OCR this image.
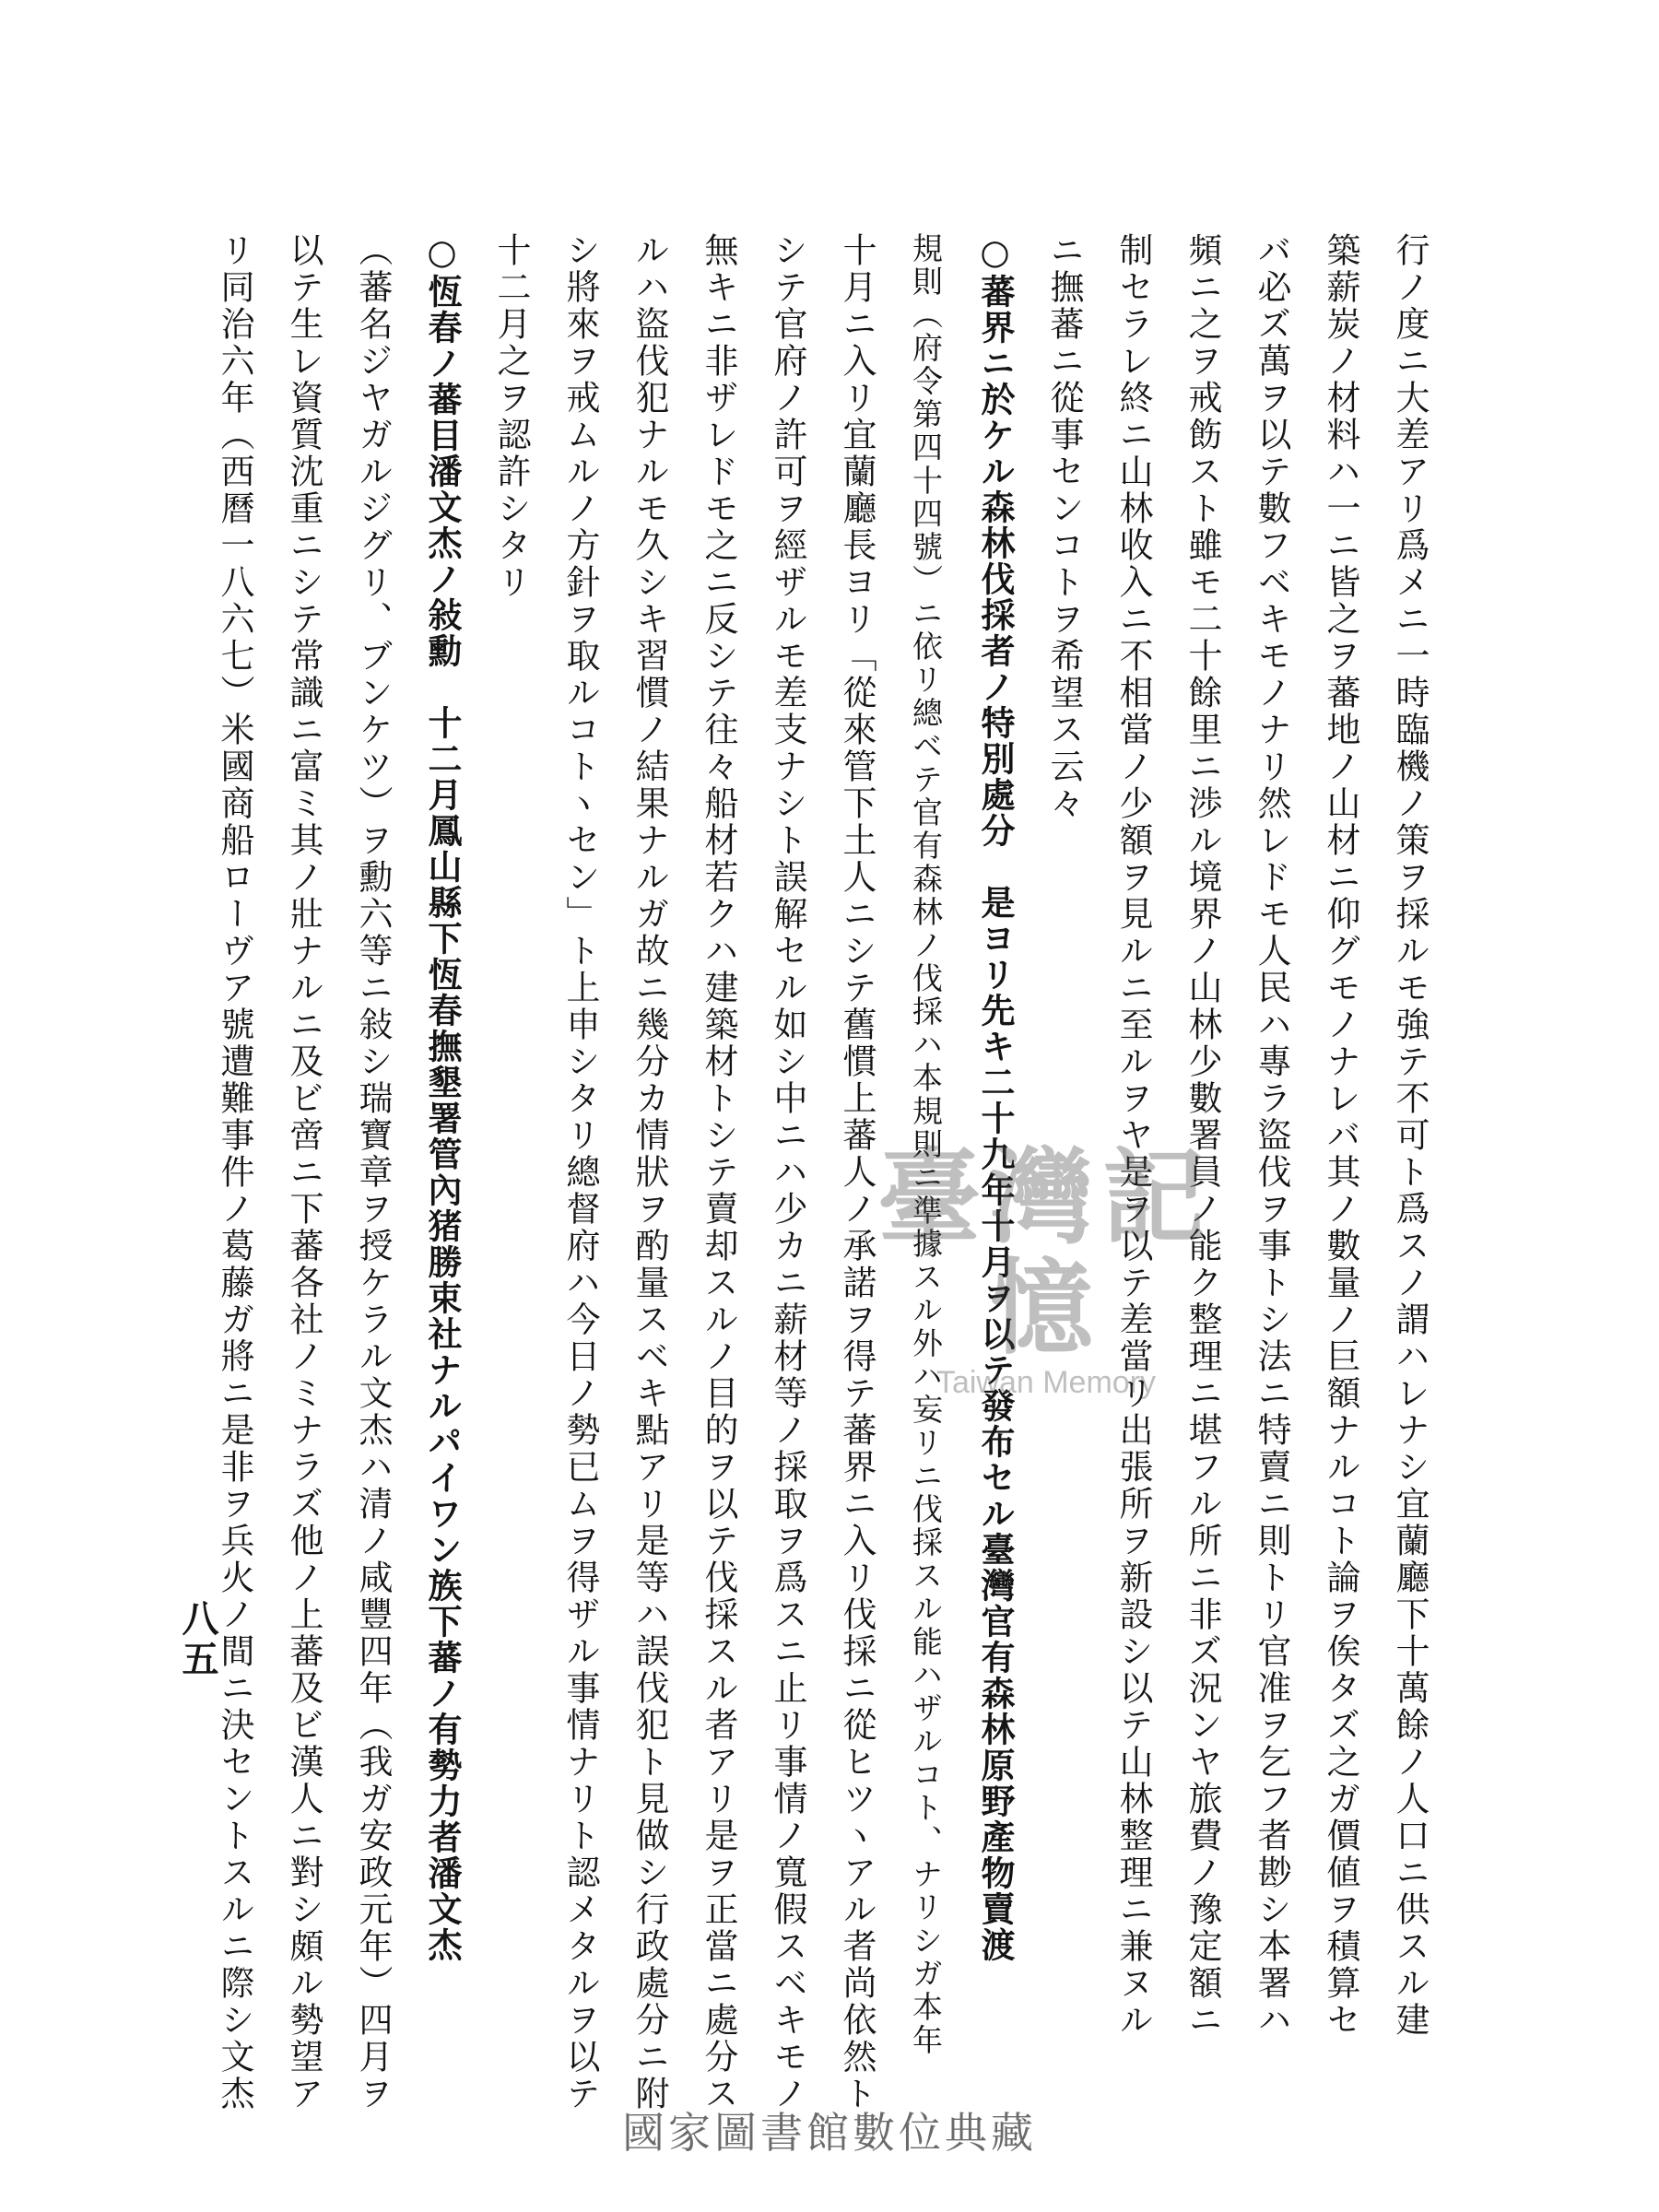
行ノ度ニ大差アリ爲メニ一時臨機ノ策ヲ採ルモ強テ不可ト爲スノ謂ハレナシ宜蘭廳下十萬餘ノ人口ニ供スル建
築薪炭ノ材料ハ一ニ皆之ヲ蕃地ノ山材ニ仰グモノナレバ其ノ數量ノ巨額ナルコト論ヲ俟タズ之ガ價値ヲ積算セ
バ必ズ萬ヲ以テ數フベキモノナリ然レドモ人民ハ專ラ盜伐ヲ事トシ法ニ特賣ニ則トリ官准ヲ乞フ者尠シ本署ハ
頻ニ之ヲ戒飭スト雖モ二十餘里ニ渉ル境界ノ山林少數署員ノ能ク整理ニ堪フル所ニ非ズ況ンヤ旅費ノ豫定額ニ
制セラレ終ニ山林收入ニ不相當ノ少額ヲ見ルニ至ルヲヤ是ヲ以テ差當リ出張所ヲ新設シ以テ山林整理ニ兼ヌル
ニ撫蕃ニ從事センコトヲ希望ス云々
○蕃界ニ於ケル森林伐採者ノ特別處分　是ヨリ先キ二十九年十月ヲ以テ發布セル臺灣官有森林原野產物賣渡
規則（府令第四十四號）ニ依リ總ベテ官有森林ノ伐採ハ本規則ニ準據スル外ハ妄リニ伐採スル能ハザルコト、ナリシガ本年
十月ニ入リ宜蘭廳長ヨリ「從來管下土人ニシテ舊慣上蕃人ノ承諾ヲ得テ蕃界ニ入リ伐採ニ從ヒツヽアル者尚依然ト
シテ官府ノ許可ヲ經ザルモ差支ナシト誤解セル如シ中ニハ少カニ薪材等ノ採取ヲ爲スニ止リ事情ノ寬假スベキモノ
無キニ非ザレドモ之ニ反シテ往々船材若クハ建築材トシテ賣却スルノ目的ヲ以テ伐採スル者アリ是ヲ正當ニ處分ス
ルハ盜伐犯ナルモ久シキ習慣ノ結果ナルガ故ニ幾分カ情狀ヲ酌量スベキ點アリ是等ハ誤伐犯ト見做シ行政處分ニ附
シ將來ヲ戒ムルノ方針ヲ取ルコトヽセン」ト上申シタリ總督府ハ今日ノ勢已ムヲ得ザル事情ナリト認メタルヲ以テ
十二月之ヲ認許シタリ
○恆春ノ蕃目潘文杰ノ敍勳　十二月鳳山縣下恆春撫墾署管內猪勝束社ナルパイワン族下蕃ノ有勢力者潘文杰
（蕃名ジヤガルジグリ、ブンケツ）ヲ勳六等ニ敍シ瑞寶章ヲ授ケラル文杰ハ清ノ咸豐四年（我ガ安政元年）四月ヲ
以テ生レ資質沈重ニシテ常識ニ富ミ其ノ壯ナルニ及ビ啻ニ下蕃各社ノミナラズ他ノ上蕃及ビ漢人ニ對シ頗ル勢望ア
リ同治六年（西曆一八六七）米國商船ローヴア號遭難事件ノ葛藤ガ將ニ是非ヲ兵火ノ間ニ決セントスルニ際シ文杰
八五
臺灣記憶
Taiwan Memory
國家圖書館數位典藏
